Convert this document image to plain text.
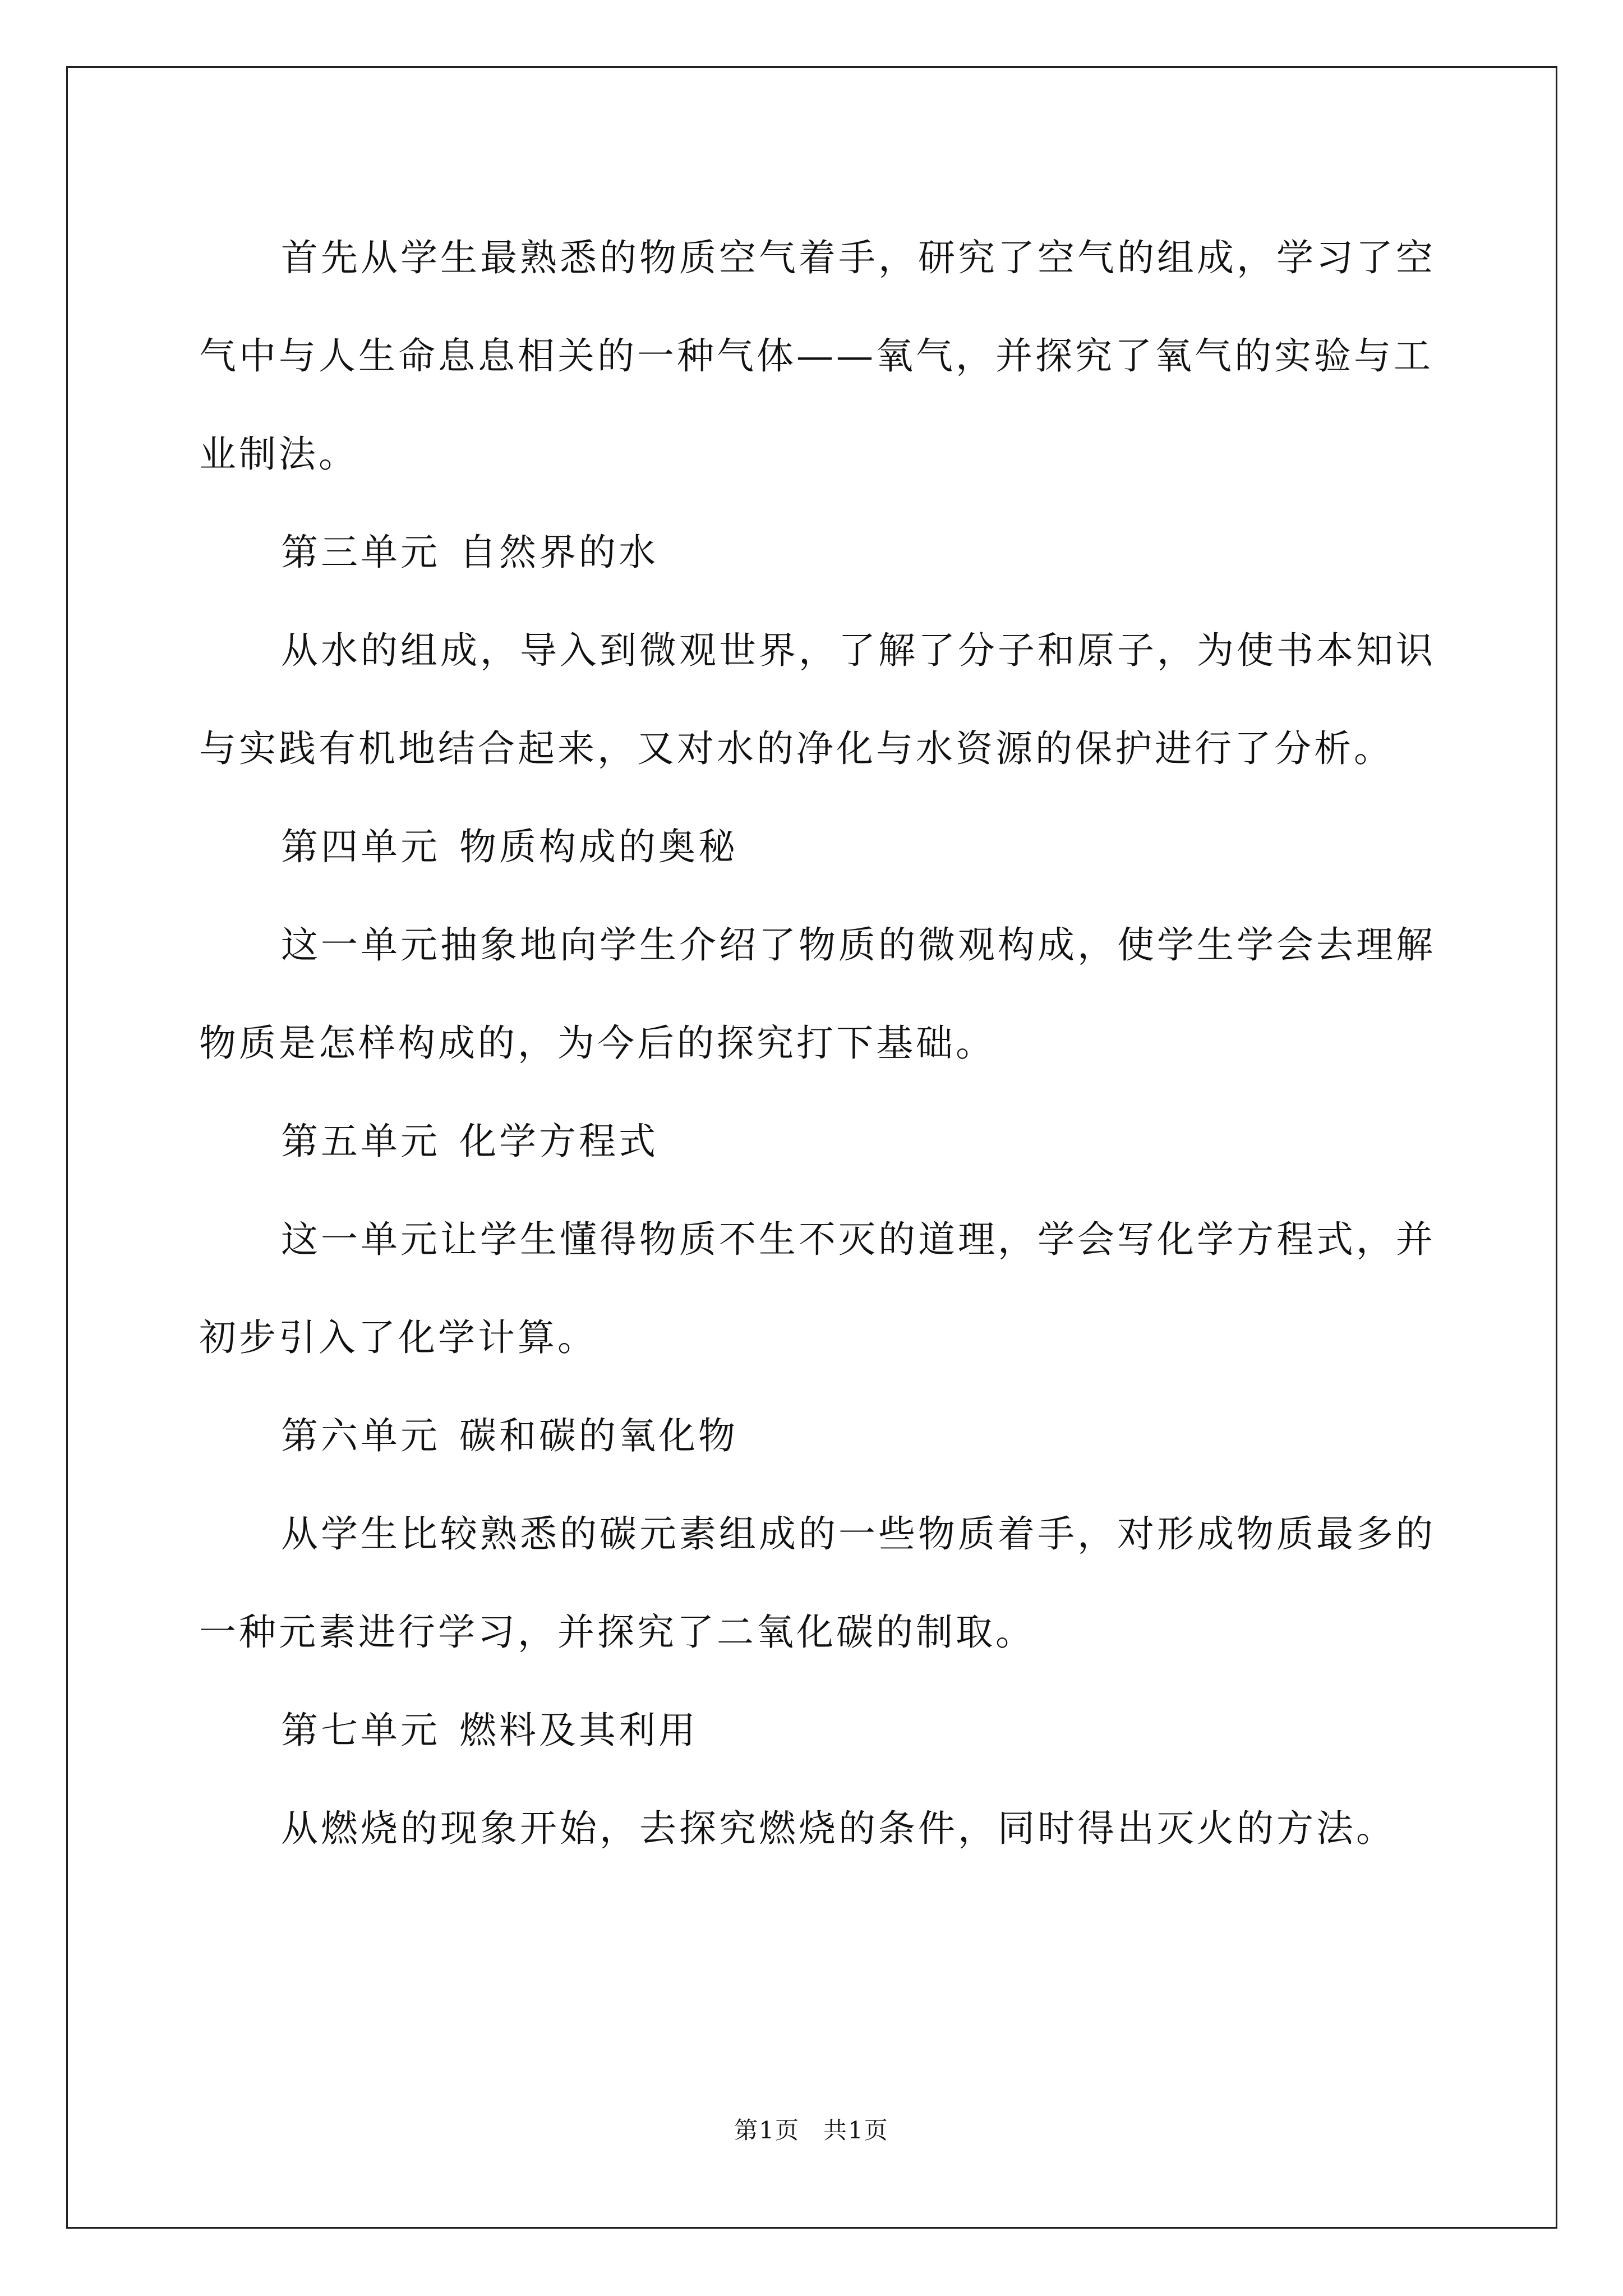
首先从学生最熟悉的物质空气着手，研究了空气的组成，学习了空气中与人生命息息相关的一种气体——氧气，并探究了氧气的实验与工业制法。

第三单元 自然界的水

从水的组成，导入到微观世界，了解了分子和原子，为使书本知识与实践有机地结合起来，又对水的净化与水资源的保护进行了分析。

第四单元 物质构成的奥秘

这一单元抽象地向学生介绍了物质的微观构成，使学生学会去理解物质是怎样构成的，为今后的探究打下基础。

第五单元 化学方程式

这一单元让学生懂得物质不生不灭的道理，学会写化学方程式，并初步引入了化学计算。

第六单元 碳和碳的氧化物

从学生比较熟悉的碳元素组成的一些物质着手，对形成物质最多的一种元素进行学习，并探究了二氧化碳的制取。

第七单元 燃料及其利用

从燃烧的现象开始，去探究燃烧的条件，同时得出灭火的方法。

第1页 共1页
